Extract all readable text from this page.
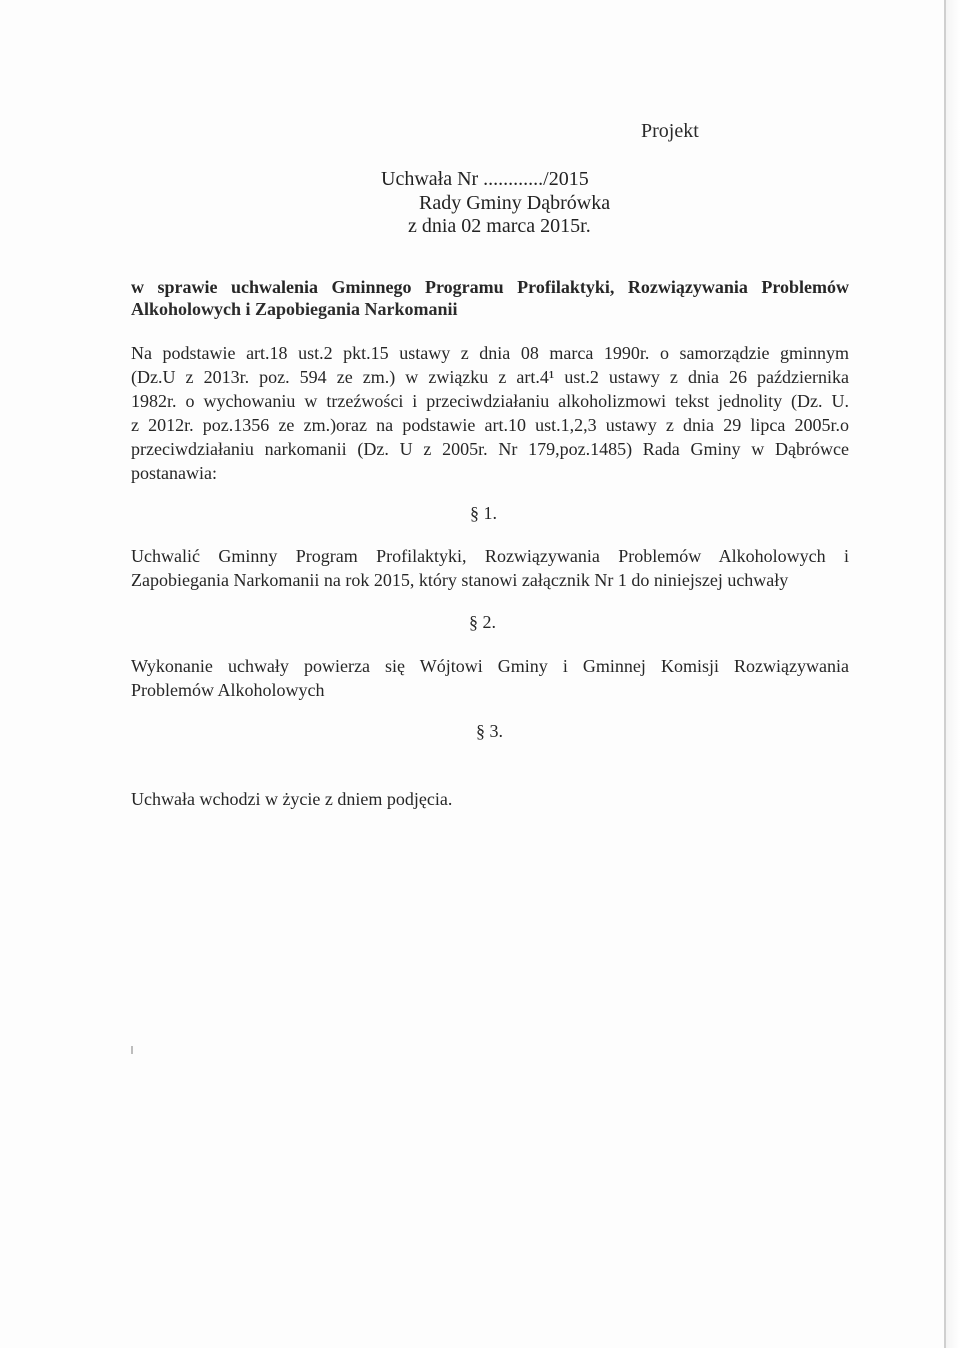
Projekt
Uchwała Nr ............/2015
Rady Gminy Dąbrówka
z dnia 02 marca 2015r.
w sprawie uchwalenia Gminnego Programu Profilaktyki, Rozwiązywania Problemów
Alkoholowych i Zapobiegania Narkomanii
Na podstawie art.18 ust.2 pkt.15 ustawy z dnia 08 marca 1990r. o samorządzie gminnym
(Dz.U z 2013r. poz. 594 ze zm.) w związku z art.4¹ ust.2 ustawy z dnia 26 października
1982r. o wychowaniu w trzeźwości i przeciwdziałaniu alkoholizmowi tekst jednolity (Dz. U.
z 2012r. poz.1356 ze zm.)oraz na podstawie art.10 ust.1,2,3 ustawy z dnia 29 lipca 2005r.o
przeciwdziałaniu narkomanii (Dz. U z 2005r. Nr 179,poz.1485) Rada Gminy w Dąbrówce
postanawia:
§ 1.
Uchwalić Gminny Program Profilaktyki, Rozwiązywania Problemów Alkoholowych i
Zapobiegania Narkomanii na rok 2015, który stanowi załącznik Nr 1 do niniejszej uchwały
§ 2.
Wykonanie uchwały powierza się Wójtowi Gminy i Gminnej Komisji Rozwiązywania
Problemów Alkoholowych
§ 3.
Uchwała wchodzi w życie z dniem podjęcia.
